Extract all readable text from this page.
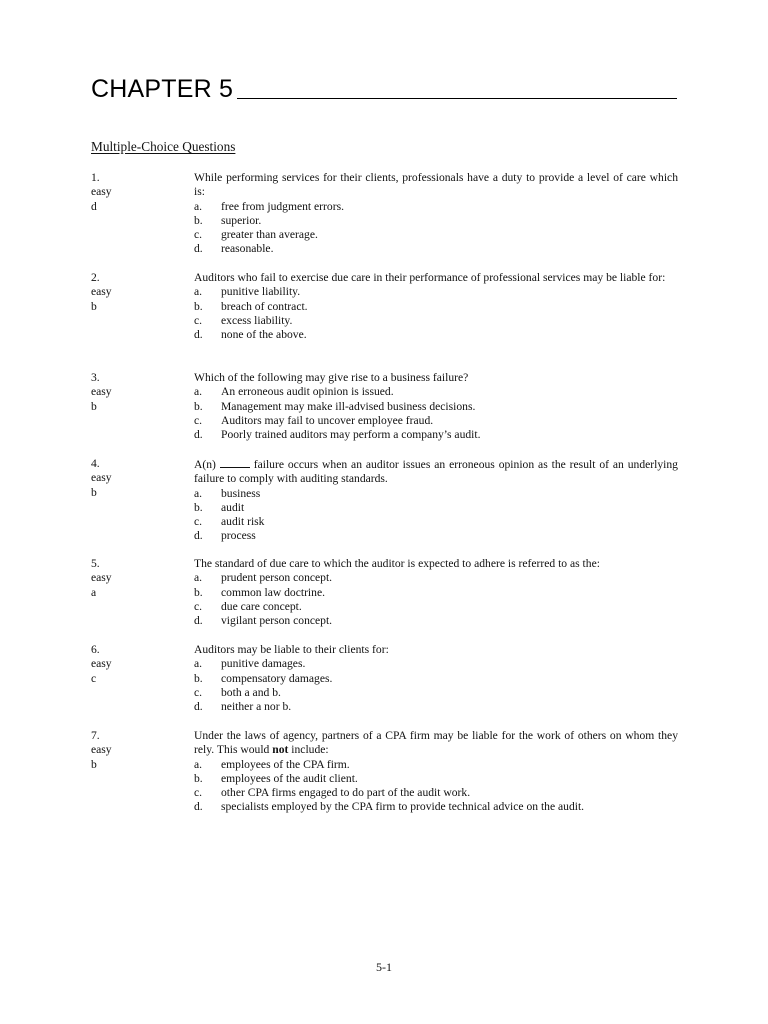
CHAPTER 5
Multiple-Choice Questions
1.
easy
d
While performing services for their clients, professionals have a duty to provide a level of care which is:
a.	free from judgment errors.
b.	superior.
c.	greater than average.
d.	reasonable.
2.
easy
b
Auditors who fail to exercise due care in their performance of professional services may be liable for:
a.	punitive liability.
b.	breach of contract.
c.	excess liability.
d.	none of the above.
3.
easy
b
Which of the following may give rise to a business failure?
a.	An erroneous audit opinion is issued.
b.	Management may make ill-advised business decisions.
c.	Auditors may fail to uncover employee fraud.
d.	Poorly trained auditors may perform a company’s audit.
4.
easy
b
A(n)	failure occurs when an auditor issues an erroneous opinion as the result of an underlying failure to comply with auditing standards.
a.	business
b.	audit
c.	audit risk
d.	process
5.
easy
a
The standard of due care to which the auditor is expected to adhere is referred to as the:
a.	prudent person concept.
b.	common law doctrine.
c.	due care concept.
d.	vigilant person concept.
6.
easy
c
Auditors may be liable to their clients for:
a.	punitive damages.
b.	compensatory damages.
c.	both a and b.
d.	neither a nor b.
7.
easy
b
Under the laws of agency, partners of a CPA firm may be liable for the work of others on whom they rely. This would not include:
a.	employees of the CPA firm.
b.	employees of the audit client.
c.	other CPA firms engaged to do part of the audit work.
d.	specialists employed by the CPA firm to provide technical advice on the audit.
5-1
